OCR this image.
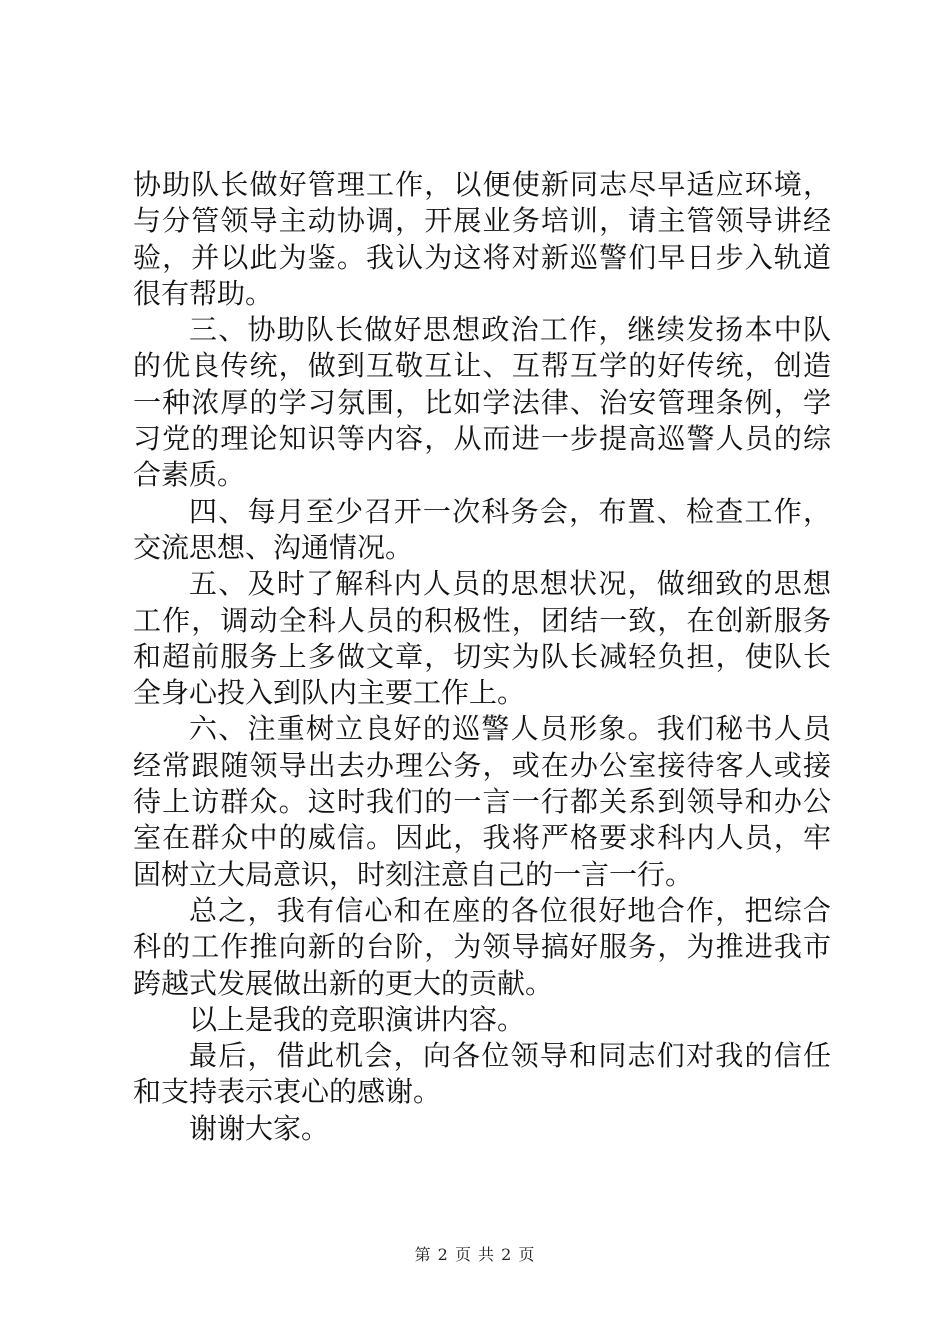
协助队长做好管理工作，以便使新同志尽早适应环境，与分管领导主动协调，开展业务培训，请主管领导讲经验，并以此为鉴。我认为这将对新巡警们早日步入轨道很有帮助。

三、协助队长做好思想政治工作，继续发扬本中队的优良传统，做到互敬互让、互帮互学的好传统，创造一种浓厚的学习氛围，比如学法律、治安管理条例，学习党的理论知识等内容，从而进一步提高巡警人员的综合素质。

四、每月至少召开一次科务会，布置、检查工作，交流思想、沟通情况。

五、及时了解科内人员的思想状况，做细致的思想工作，调动全科人员的积极性，团结一致，在创新服务和超前服务上多做文章，切实为队长减轻负担，使队长全身心投入到队内主要工作上。

六、注重树立良好的巡警人员形象。我们秘书人员经常跟随领导出去办理公务，或在办公室接待客人或接待上访群众。这时我们的一言一行都关系到领导和办公室在群众中的威信。因此，我将严格要求科内人员，牢固树立大局意识，时刻注意自己的一言一行。

总之，我有信心和在座的各位很好地合作，把综合科的工作推向新的台阶，为领导搞好服务，为推进我市跨越式发展做出新的更大的贡献。

以上是我的竞职演讲内容。

最后，借此机会，向各位领导和同志们对我的信任和支持表示衷心的感谢。

谢谢大家。

第 2 页 共 2 页
